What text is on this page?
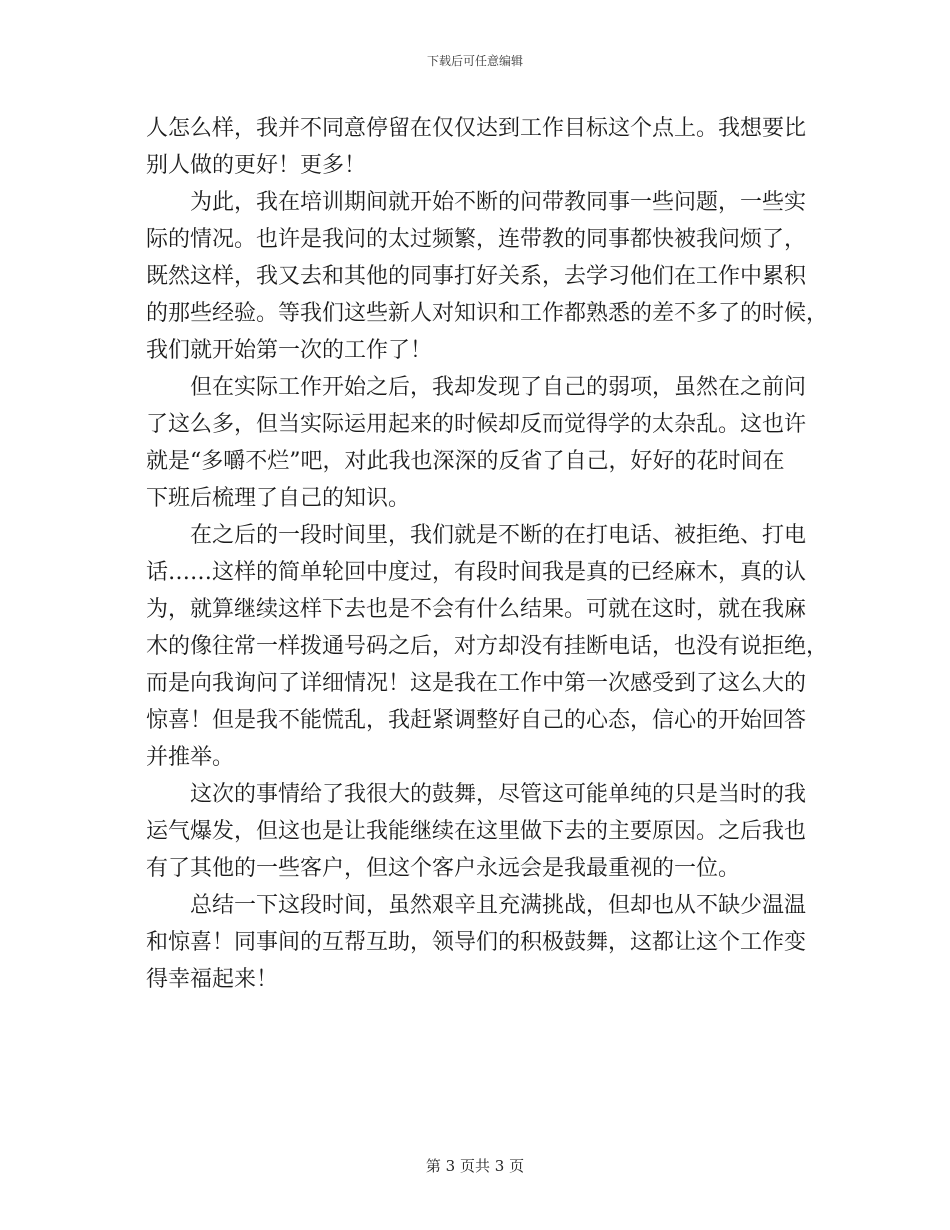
下载后可任意编辑
人怎么样，我并不同意停留在仅仅达到工作目标这个点上。我想要比
别人做的更好！更多！
为此，我在培训期间就开始不断的问带教同事一些问题，一些实
际的情况。也许是我问的太过频繁，连带教的同事都快被我问烦了，
既然这样，我又去和其他的同事打好关系，去学习他们在工作中累积
的那些经验。等我们这些新人对知识和工作都熟悉的差不多了的时候，
我们就开始第一次的工作了！
但在实际工作开始之后，我却发现了自己的弱项，虽然在之前问
了这么多，但当实际运用起来的时候却反而觉得学的太杂乱。这也许
就是“多嚼不烂”吧，对此我也深深的反省了自己，好好的花时间在
下班后梳理了自己的知识。
在之后的一段时间里，我们就是不断的在打电话、被拒绝、打电
话……这样的简单轮回中度过，有段时间我是真的已经麻木，真的认
为，就算继续这样下去也是不会有什么结果。可就在这时，就在我麻
木的像往常一样拨通号码之后，对方却没有挂断电话，也没有说拒绝，
而是向我询问了详细情况！这是我在工作中第一次感受到了这么大的
惊喜！但是我不能慌乱，我赶紧调整好自己的心态，信心的开始回答
并推举。
这次的事情给了我很大的鼓舞，尽管这可能单纯的只是当时的我
运气爆发，但这也是让我能继续在这里做下去的主要原因。之后我也
有了其他的一些客户，但这个客户永远会是我最重视的一位。
总结一下这段时间，虽然艰辛且充满挑战，但却也从不缺少温温
和惊喜！同事间的互帮互助，领导们的积极鼓舞，这都让这个工作变
得幸福起来！
第 3 页共 3 页
